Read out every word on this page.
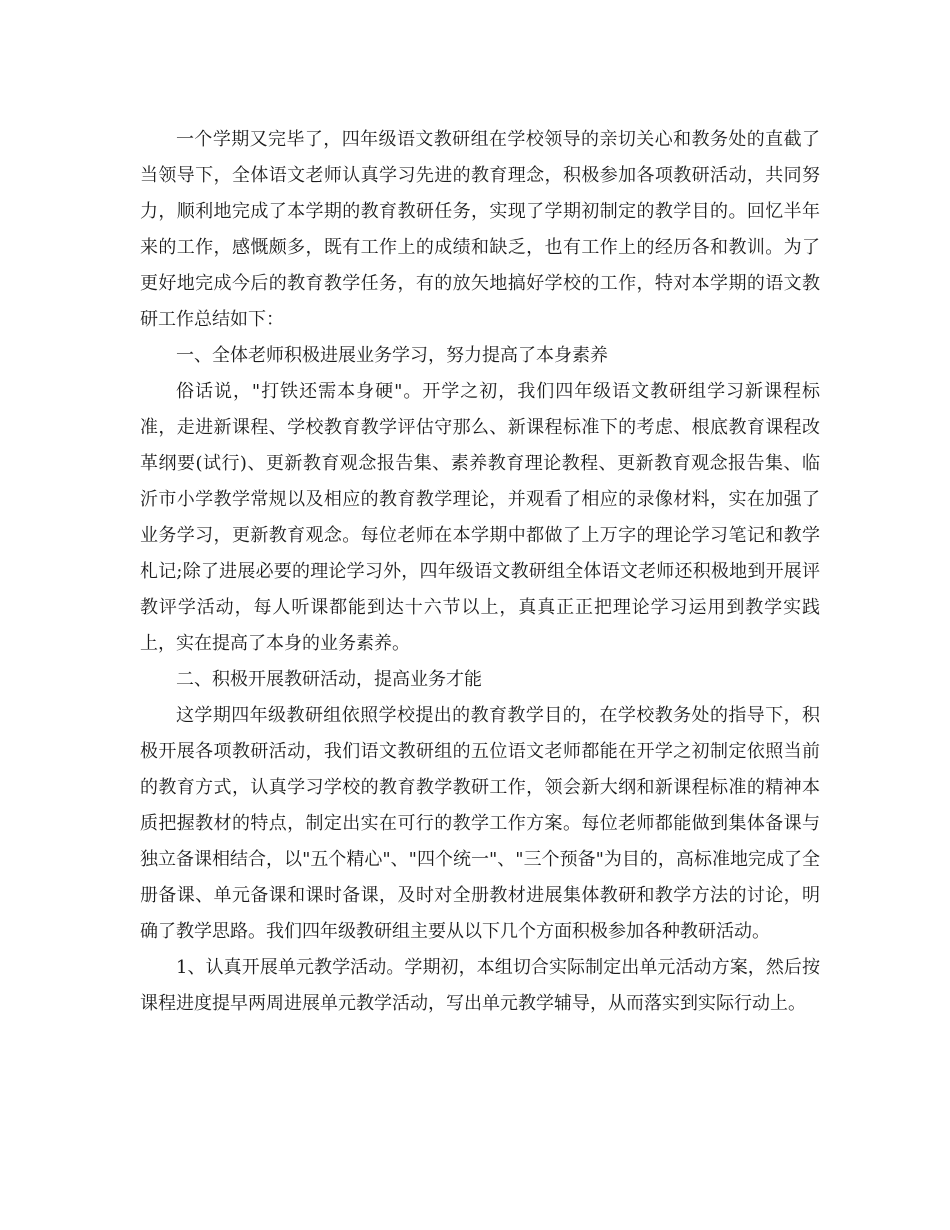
一个学期又完毕了，四年级语文教研组在学校领导的亲切关心和教务处的直截了当领导下，全体语文老师认真学习先进的教育理念，积极参加各项教研活动，共同努力，顺利地完成了本学期的教育教研任务，实现了学期初制定的教学目的。回忆半年来的工作，感慨颇多，既有工作上的成绩和缺乏，也有工作上的经历各和教训。为了更好地完成今后的教育教学任务，有的放矢地搞好学校的工作，特对本学期的语文教研工作总结如下：

一、全体老师积极进展业务学习，努力提高了本身素养

俗话说，"打铁还需本身硬"。开学之初，我们四年级语文教研组学习新课程标准，走进新课程、学校教育教学评估守那么、新课程标准下的考虑、根底教育课程改革纲要(试行)、更新教育观念报告集、素养教育理论教程、更新教育观念报告集、临沂市小学教学常规以及相应的教育教学理论，并观看了相应的录像材料，实在加强了业务学习，更新教育观念。每位老师在本学期中都做了上万字的理论学习笔记和教学札记;除了进展必要的理论学习外，四年级语文教研组全体语文老师还积极地到开展评教评学活动，每人听课都能到达十六节以上，真真正正把理论学习运用到教学实践上，实在提高了本身的业务素养。

二、积极开展教研活动，提高业务才能

这学期四年级教研组依照学校提出的教育教学目的，在学校教务处的指导下，积极开展各项教研活动，我们语文教研组的五位语文老师都能在开学之初制定依照当前的教育方式，认真学习学校的教育教学教研工作，领会新大纲和新课程标准的精神本质把握教材的特点，制定出实在可行的教学工作方案。每位老师都能做到集体备课与独立备课相结合，以"五个精心"、"四个统一"、"三个预备"为目的，高标准地完成了全册备课、单元备课和课时备课，及时对全册教材进展集体教研和教学方法的讨论，明确了教学思路。我们四年级教研组主要从以下几个方面积极参加各种教研活动。

1、认真开展单元教学活动。学期初，本组切合实际制定出单元活动方案，然后按课程进度提早两周进展单元教学活动，写出单元教学辅导，从而落实到实际行动上。
